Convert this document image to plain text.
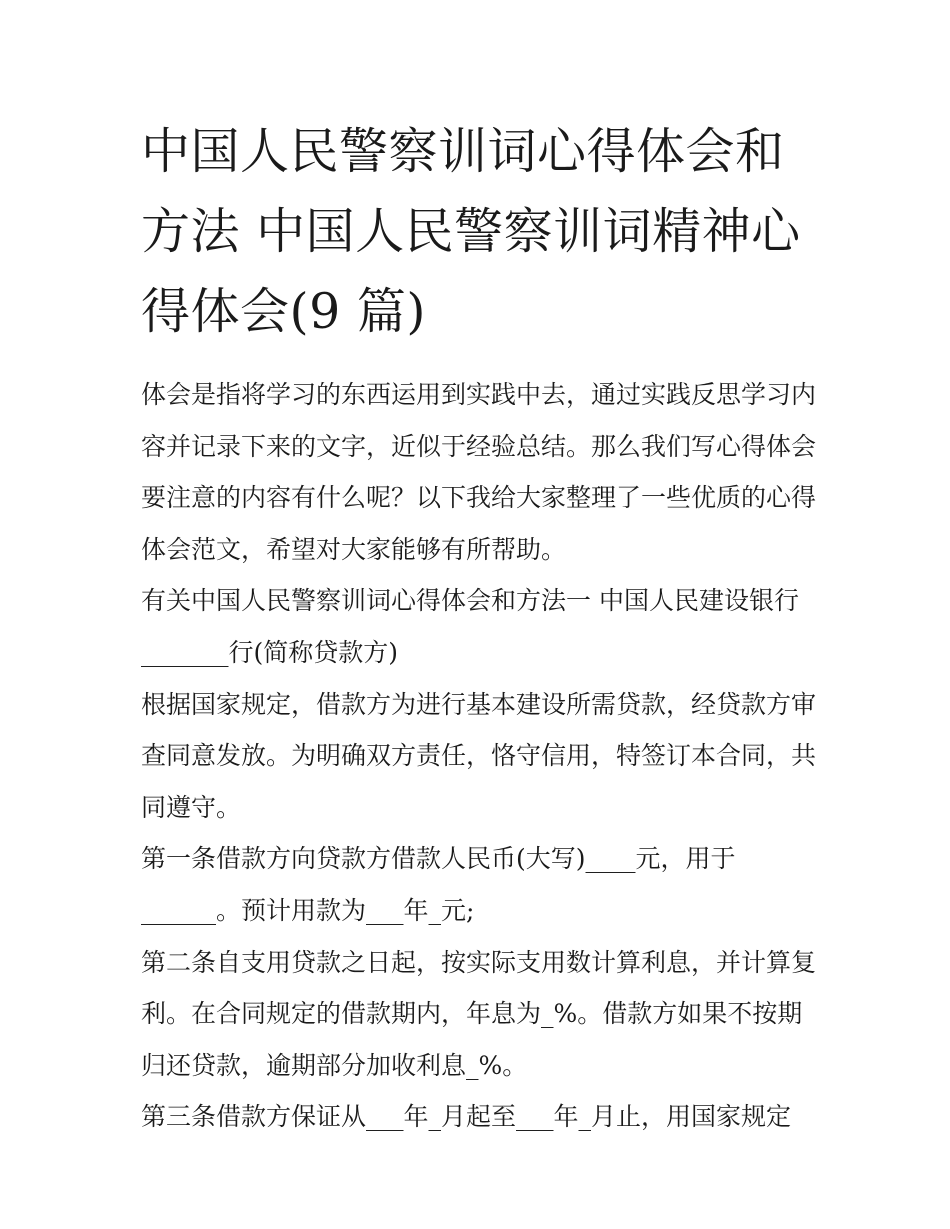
中国人民警察训词心得体会和
方法 中国人民警察训词精神心
得体会(9 篇)
体会是指将学习的东西运用到实践中去，通过实践反思学习内
容并记录下来的文字，近似于经验总结。那么我们写心得体会
要注意的内容有什么呢？以下我给大家整理了一些优质的心得
体会范文，希望对大家能够有所帮助。
有关中国人民警察训词心得体会和方法一 中国人民建设银行
_______行(简称贷款方)
根据国家规定，借款方为进行基本建设所需贷款，经贷款方审
查同意发放。为明确双方责任，恪守信用，特签订本合同，共
同遵守。
第一条借款方向贷款方借款人民币(大写)____元，用于
______。预计用款为___年_元;
第二条自支用贷款之日起，按实际支用数计算利息，并计算复
利。在合同规定的借款期内，年息为_%。借款方如果不按期
归还贷款，逾期部分加收利息_%。
第三条借款方保证从___年_月起至___年_月止，用国家规定
